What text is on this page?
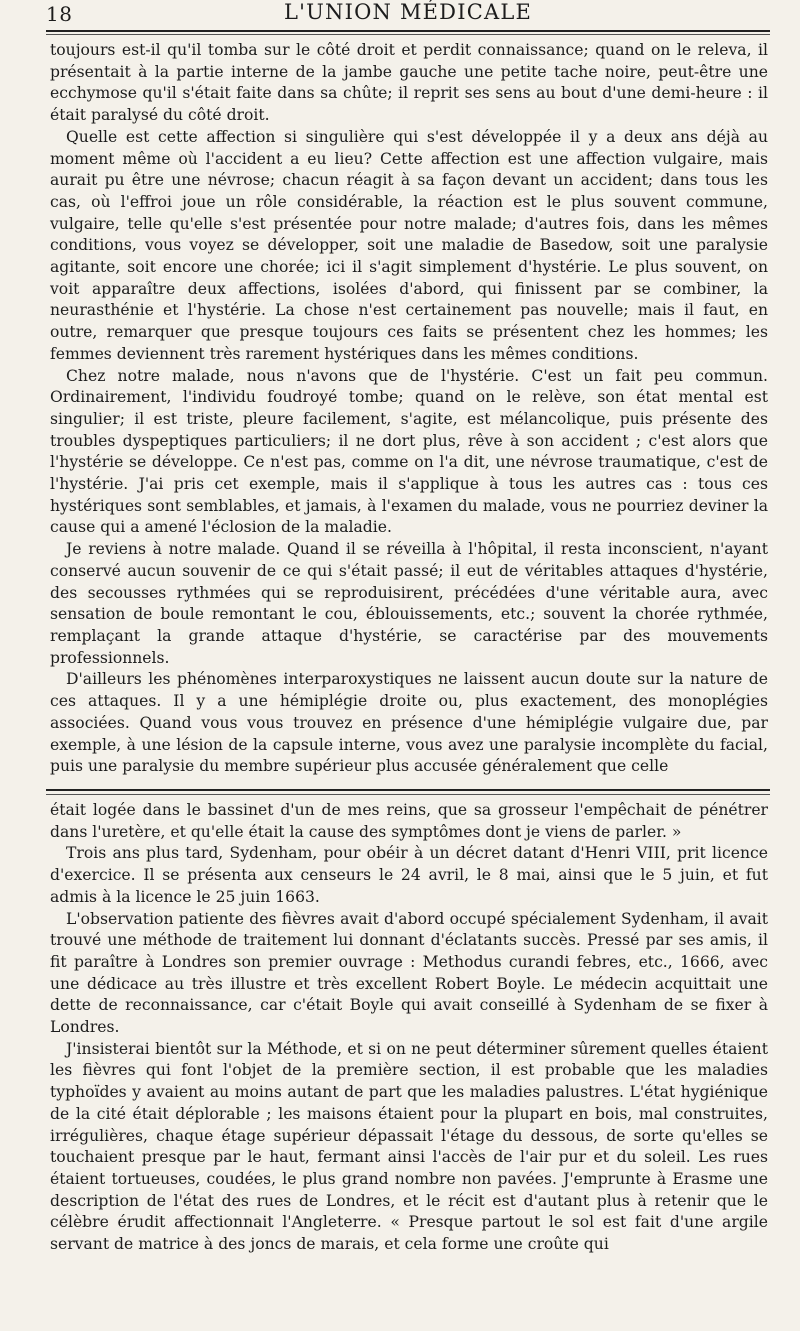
18	L'UNION MÉDICALE

toujours est-il qu'il tomba sur le côté droit et perdit connaissance; quand on le releva, il présentait à la partie interne de la jambe gauche une petite tache noire, peut-être une ecchymose qu'il s'était faite dans sa chûte; il reprit ses sens au bout d'une demi-heure : il était paralysé du côté droit.

Quelle est cette affection si singulière qui s'est développée il y a deux ans déjà au moment même où l'accident a eu lieu? Cette affection est une affection vulgaire, mais aurait pu être une névrose; chacun réagit à sa façon devant un accident; dans tous les cas, où l'effroi joue un rôle considérable, la réaction est le plus souvent commune, vulgaire, telle qu'elle s'est présentée pour notre malade; d'autres fois, dans les mêmes conditions, vous voyez se développer, soit une maladie de Basedow, soit une paralysie agitante, soit encore une chorée; ici il s'agit simplement d'hystérie. Le plus souvent, on voit apparaître deux affections, isolées d'abord, qui finissent par se combiner, la neurasthénie et l'hystérie. La chose n'est certainement pas nouvelle; mais il faut, en outre, remarquer que presque toujours ces faits se présentent chez les hommes; les femmes deviennent très rarement hystériques dans les mêmes conditions.

Chez notre malade, nous n'avons que de l'hystérie. C'est un fait peu commun. Ordinairement, l'individu foudroyé tombe; quand on le relève, son état mental est singulier; il est triste, pleure facilement, s'agite, est mélancolique, puis présente des troubles dyspeptiques particuliers; il ne dort plus, rêve à son accident ; c'est alors que l'hystérie se développe. Ce n'est pas, comme on l'a dit, une névrose traumatique, c'est de l'hystérie. J'ai pris cet exemple, mais il s'applique à tous les autres cas : tous ces hystériques sont semblables, et jamais, à l'examen du malade, vous ne pourriez deviner la cause qui a amené l'éclosion de la maladie.

Je reviens à notre malade. Quand il se réveilla à l'hôpital, il resta inconscient, n'ayant conservé aucun souvenir de ce qui s'était passé; il eut de véritables attaques d'hystérie, des secousses rythmées qui se reproduisirent, précédées d'une véritable aura, avec sensation de boule remontant le cou, éblouissements, etc.; souvent la chorée rythmée, remplaçant la grande attaque d'hystérie, se caractérise par des mouvements professionnels.

D'ailleurs les phénomènes interparoxystiques ne laissent aucun doute sur la nature de ces attaques. Il y a une hémiplégie droite ou, plus exactement, des monoplégies associées. Quand vous vous trouvez en présence d'une hémiplégie vulgaire due, par exemple, à une lésion de la capsule interne, vous avez une paralysie incomplète du facial, puis une paralysie du membre supérieur plus accusée généralement que celle

était logée dans le bassinet d'un de mes reins, que sa grosseur l'empêchait de pénétrer dans l'uretère, et qu'elle était la cause des symptômes dont je viens de parler. »

Trois ans plus tard, Sydenham, pour obéir à un décret datant d'Henri VIII, prit licence d'exercice. Il se présenta aux censeurs le 24 avril, le 8 mai, ainsi que le 5 juin, et fut admis à la licence le 25 juin 1663.

L'observation patiente des fièvres avait d'abord occupé spécialement Sydenham, il avait trouvé une méthode de traitement lui donnant d'éclatants succès. Pressé par ses amis, il fit paraître à Londres son premier ouvrage : Methodus curandi febres, etc., 1666, avec une dédicace au très illustre et très excellent Robert Boyle. Le médecin acquittait une dette de reconnaissance, car c'était Boyle qui avait conseillé à Sydenham de se fixer à Londres.

J'insisterai bientôt sur la Méthode, et si on ne peut déterminer sûrement quelles étaient les fièvres qui font l'objet de la première section, il est probable que les maladies typhoïdes y avaient au moins autant de part que les maladies palustres. L'état hygiénique de la cité était déplorable ; les maisons étaient pour la plupart en bois, mal construites, irrégulières, chaque étage supérieur dépassait l'étage du dessous, de sorte qu'elles se touchaient presque par le haut, fermant ainsi l'accès de l'air pur et du soleil. Les rues étaient tortueuses, coudées, le plus grand nombre non pavées. J'emprunte à Erasme une description de l'état des rues de Londres, et le récit est d'autant plus à retenir que le célèbre érudit affectionnait l'Angleterre. « Presque partout le sol est fait d'une argile servant de matrice à des joncs de marais, et cela forme une croûte qui
